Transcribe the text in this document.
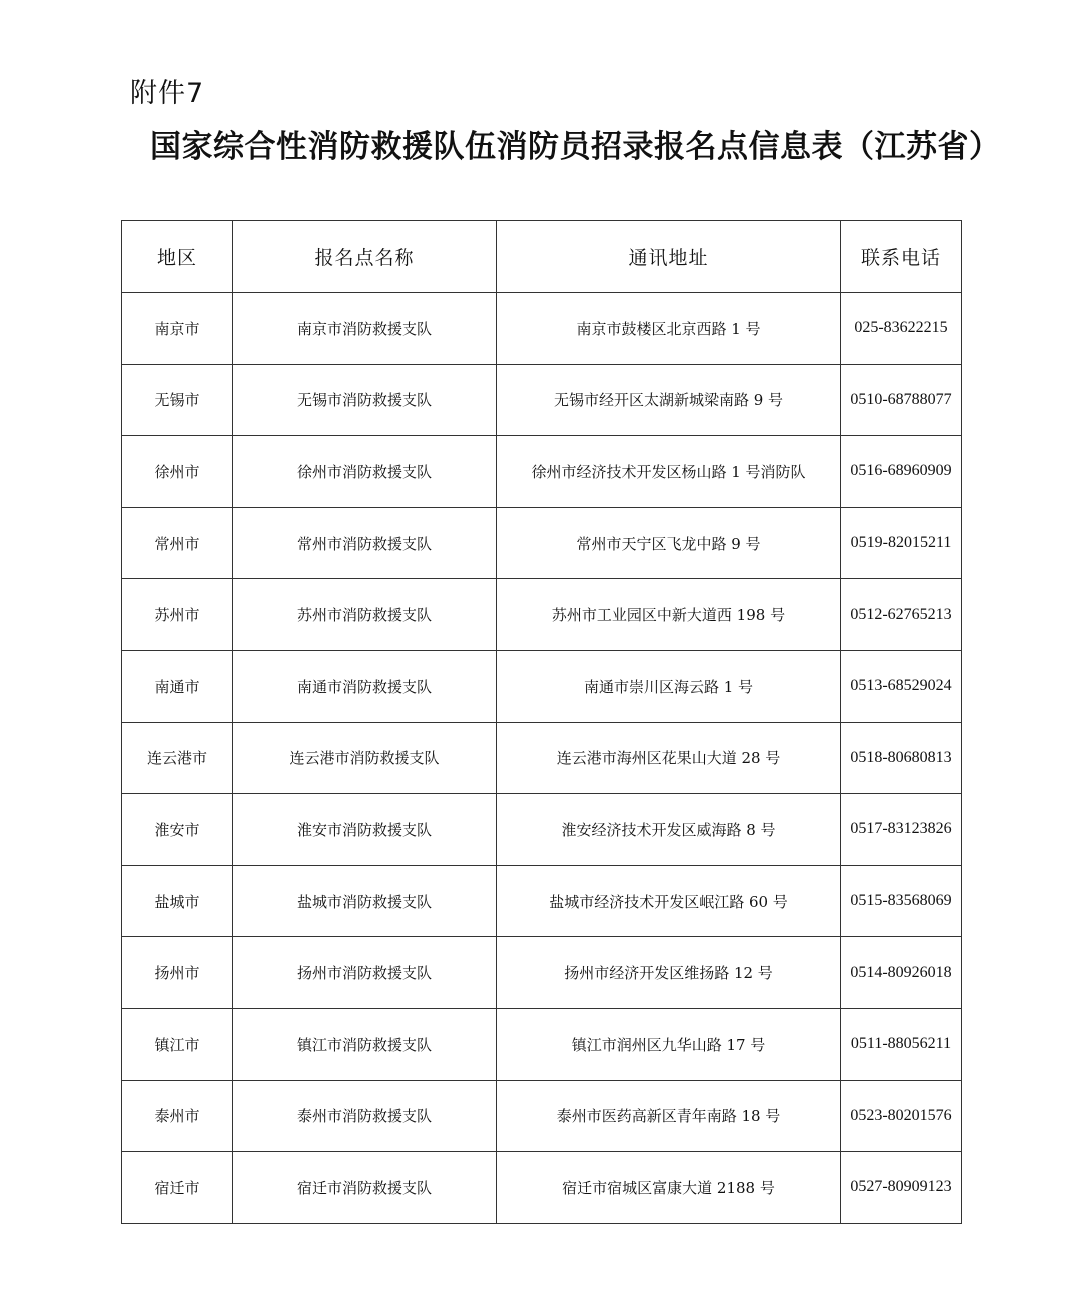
附件7
国家综合性消防救援队伍消防员招录报名点信息表（江苏省）
地区	报名点名称	通讯地址	联系电话
南京市	南京市消防救援支队	南京市鼓楼区北京西路 1 号	025-83622215
无锡市	无锡市消防救援支队	无锡市经开区太湖新城梁南路 9 号	0510-68788077
徐州市	徐州市消防救援支队	徐州市经济技术开发区杨山路 1 号消防队	0516-68960909
常州市	常州市消防救援支队	常州市天宁区飞龙中路 9 号	0519-82015211
苏州市	苏州市消防救援支队	苏州市工业园区中新大道西 198 号	0512-62765213
南通市	南通市消防救援支队	南通市崇川区海云路 1 号	0513-68529024
连云港市	连云港市消防救援支队	连云港市海州区花果山大道 28 号	0518-80680813
淮安市	淮安市消防救援支队	淮安经济技术开发区威海路 8 号	0517-83123826
盐城市	盐城市消防救援支队	盐城市经济技术开发区岷江路 60 号	0515-83568069
扬州市	扬州市消防救援支队	扬州市经济开发区维扬路 12 号	0514-80926018
镇江市	镇江市消防救援支队	镇江市润州区九华山路 17 号	0511-88056211
泰州市	泰州市消防救援支队	泰州市医药高新区青年南路 18 号	0523-80201576
宿迁市	宿迁市消防救援支队	宿迁市宿城区富康大道 2188 号	0527-80909123
